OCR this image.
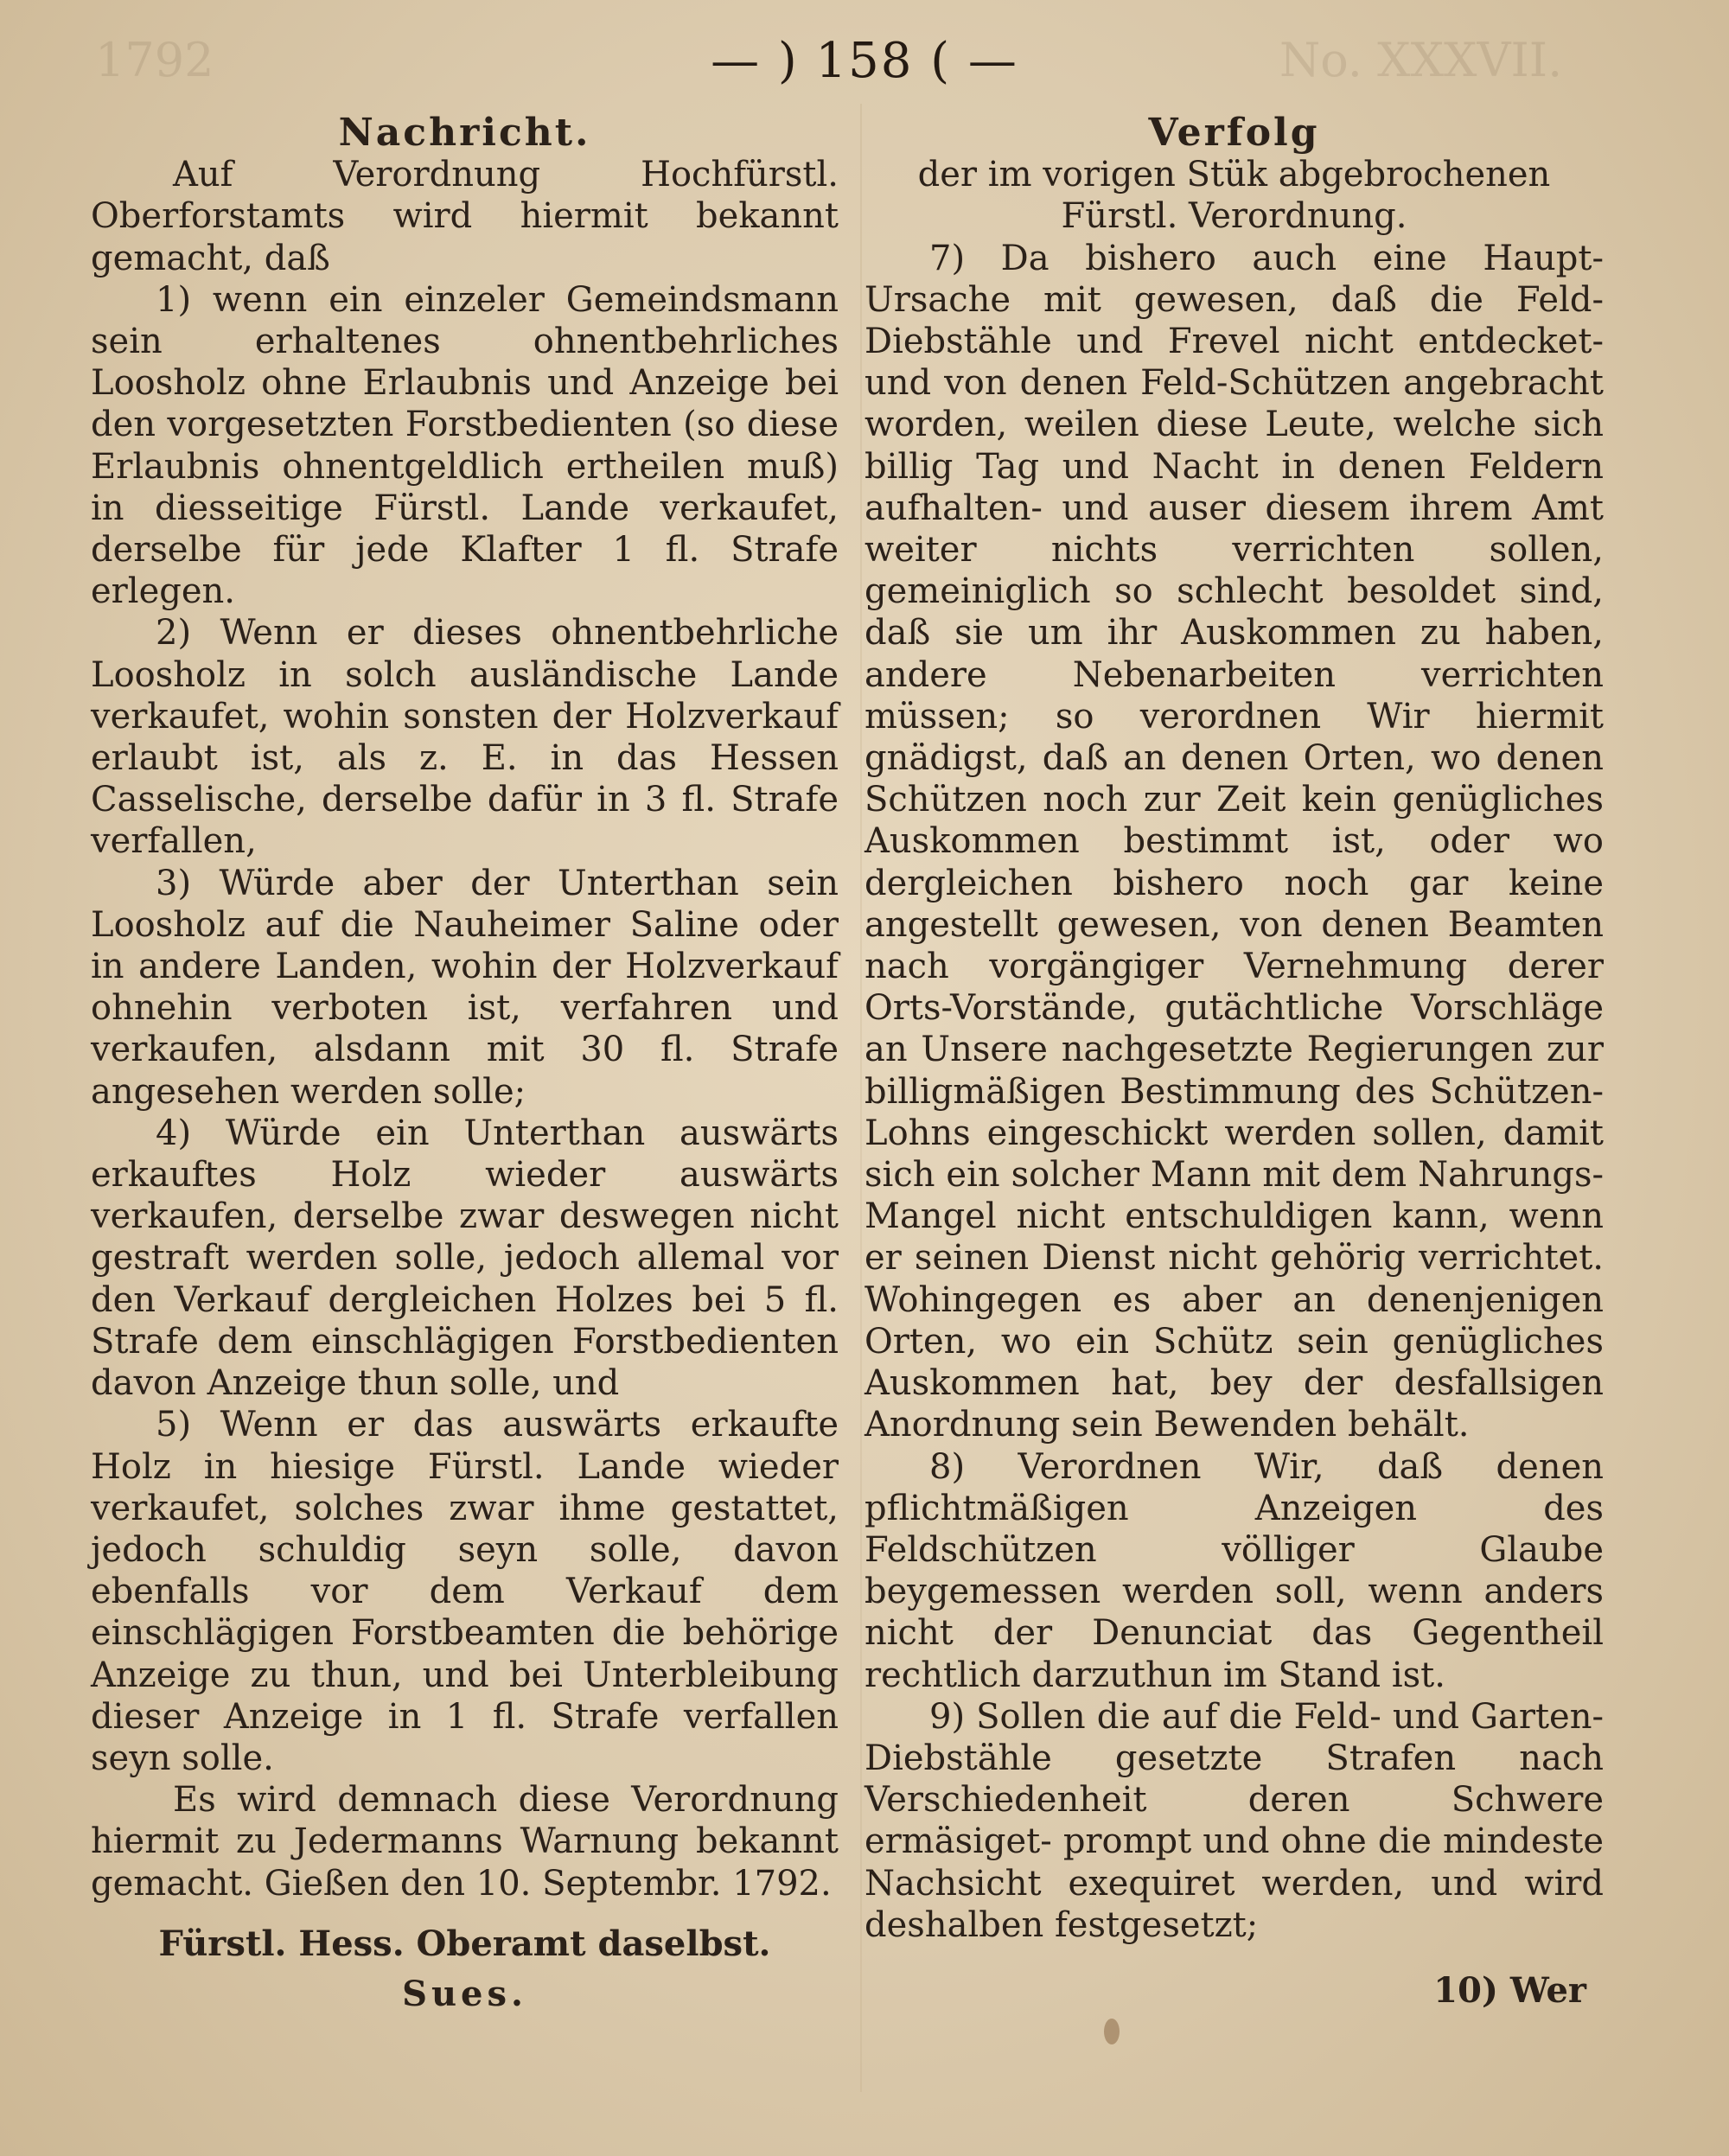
1792	No. XXXVII.
— ) 158 ( —

Nachricht.

Auf Verordnung Hochfürstl. Oberforstamts wird hiermit bekannt gemacht, daß

1) wenn ein einzeler Gemeindsmann sein erhaltenes ohnentbehrliches Loosholz ohne Erlaubnis und Anzeige bei den vorgesetzten Forstbedienten (so diese Erlaubnis ohnentgeldlich ertheilen muß) in diesseitige Fürstl. Lande verkaufet, derselbe für jede Klafter 1 fl. Strafe erlegen.

2) Wenn er dieses ohnentbehrliche Loosholz in solch ausländische Lande verkaufet, wohin sonsten der Holzverkauf erlaubt ist, als z. E. in das Hessen Casselische, derselbe dafür in 3 fl. Strafe verfallen,

3) Würde aber der Unterthan sein Loosholz auf die Nauheimer Saline oder in andere Landen, wohin der Holzverkauf ohnehin verboten ist, verfahren und verkaufen, alsdann mit 30 fl. Strafe angesehen werden solle;

4) Würde ein Unterthan auswärts erkauftes Holz wieder auswärts verkaufen, derselbe zwar deswegen nicht gestraft werden solle, jedoch allemal vor den Verkauf dergleichen Holzes bei 5 fl. Strafe dem einschlägigen Forstbedienten davon Anzeige thun solle, und

5) Wenn er das auswärts erkaufte Holz in hiesige Fürstl. Lande wieder verkaufet, solches zwar ihme gestattet, jedoch schuldig seyn solle, davon ebenfalls vor dem Verkauf dem einschlägigen Forstbeamten die behörige Anzeige zu thun, und bei Unterbleibung dieser Anzeige in 1 fl. Strafe verfallen seyn solle.

Es wird demnach diese Verordnung hiermit zu Jedermanns Warnung bekannt gemacht. Gießen den 10. Septembr. 1792.

Fürstl. Hess. Oberamt daselbst.

Sues.

Verfolg

der im vorigen Stük abgebrochenen

Fürstl. Verordnung.

7) Da bishero auch eine Haupt-Ursache mit gewesen, daß die Feld-Diebstähle und Frevel nicht entdecket- und von denen Feld-Schützen angebracht worden, weilen diese Leute, welche sich billig Tag und Nacht in denen Feldern aufhalten- und auser diesem ihrem Amt weiter nichts verrichten sollen, gemeiniglich so schlecht besoldet sind, daß sie um ihr Auskommen zu haben, andere Nebenarbeiten verrichten müssen; so verordnen Wir hiermit gnädigst, daß an denen Orten, wo denen Schützen noch zur Zeit kein genügliches Auskommen bestimmt ist, oder wo dergleichen bishero noch gar keine angestellt gewesen, von denen Beamten nach vorgängiger Vernehmung derer Orts-Vorstände, gutächtliche Vorschläge an Unsere nachgesetzte Regierungen zur billigmäßigen Bestimmung des Schützen-Lohns eingeschickt werden sollen, damit sich ein solcher Mann mit dem Nahrungs-Mangel nicht entschuldigen kann, wenn er seinen Dienst nicht gehörig verrichtet. Wohingegen es aber an denenjenigen Orten, wo ein Schütz sein genügliches Auskommen hat, bey der desfallsigen Anordnung sein Bewenden behält.

8) Verordnen Wir, daß denen pflichtmäßigen Anzeigen des Feldschützen völliger Glaube beygemessen werden soll, wenn anders nicht der Denunciat das Gegentheil rechtlich darzuthun im Stand ist.

9) Sollen die auf die Feld- und Garten-Diebstähle gesetzte Strafen nach Verschiedenheit deren Schwere ermäsiget- prompt und ohne die mindeste Nachsicht exequiret werden, und wird deshalben festgesetzt;

10) Wer
